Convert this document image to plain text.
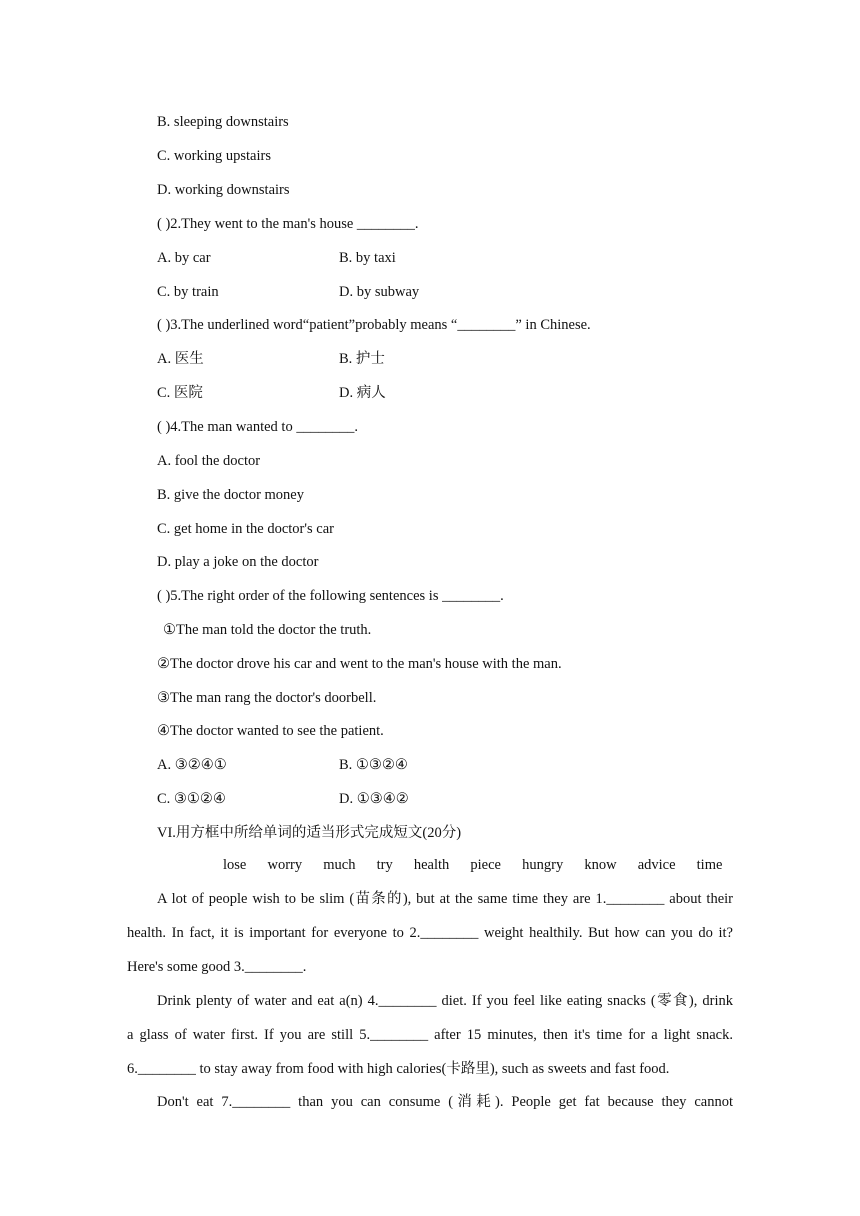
B. sleeping downstairs
C. working upstairs
D. working downstairs
( )2.They went to the man's house ________.
A. by car	B. by taxi
C. by train	D. by subway
( )3.The underlined word“patient”probably means “________” in Chinese.
A. 医生	B. 护士
C. 医院	D. 病人
( )4.The man wanted to ________.
A. fool the doctor
B. give the doctor money
C. get home in the doctor's car
D. play a joke on the doctor
( )5.The right order of the following sentences is ________.
①The man told the doctor the truth.
②The doctor drove his car and went to the man's house with the man.
③The man rang the doctor's doorbell.
④The doctor wanted to see the patient.
A. ③②④①	B. ①③②④
C. ③①②④	D. ①③④②
VI.用方框中所给单词的适当形式完成短文(20分)
lose worry much try health piece hungry know advice time
A lot of people wish to be slim (苗条的), but at the same time they are 1.________ about their
health. In fact, it is important for everyone to 2.________ weight healthily. But how can you do it?
Here's some good 3.________.
Drink plenty of water and eat a(n) 4.________ diet. If you feel like eating snacks (零食), drink
a glass of water first. If you are still 5.________ after 15 minutes, then it's time for a light snack.
6.________ to stay away from food with high calories(卡路里), such as sweets and fast food.
Don't eat 7.________ than you can consume (消耗). People get fat because they cannot
